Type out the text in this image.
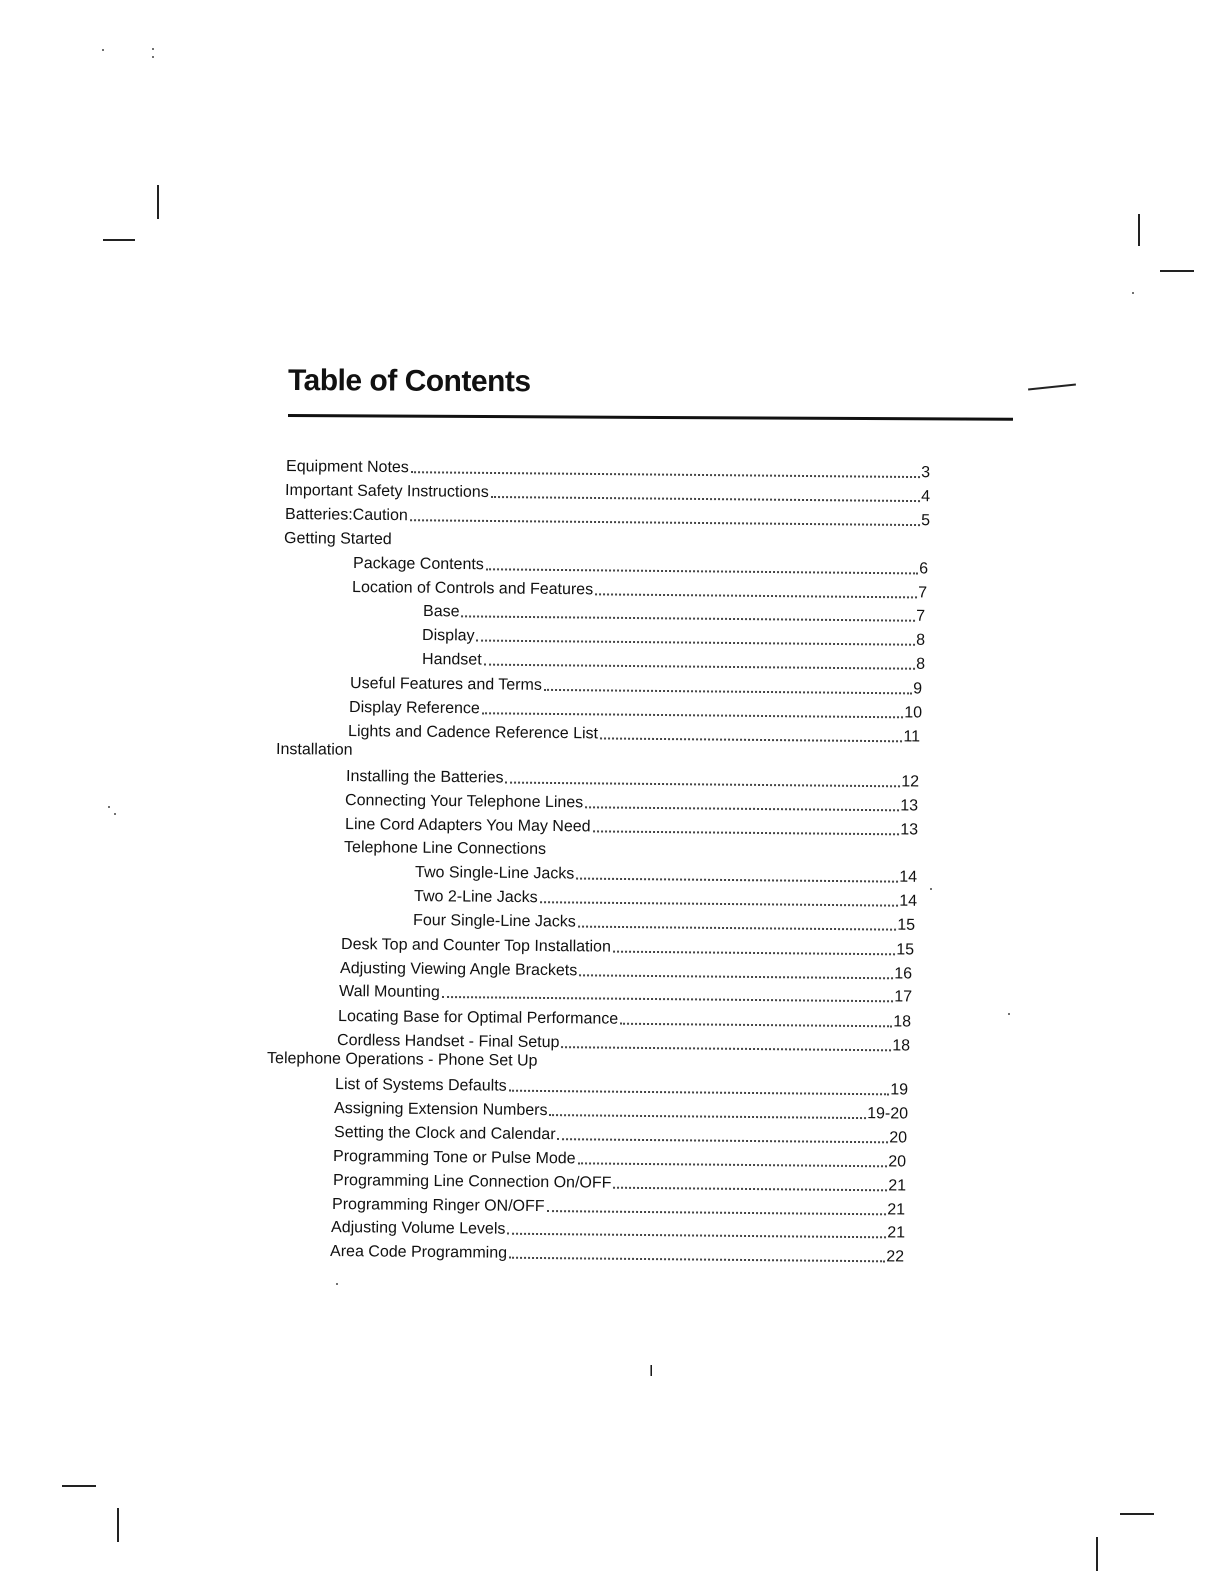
Table of Contents
Equipment Notes	3
Important Safety Instructions	4
Batteries:Caution	5
Getting Started
Package Contents	6
Location of Controls and Features	7
Base	7
Display	8
Handset	8
Useful Features and Terms	9
Display Reference	10
Lights and Cadence Reference List	11
Installation
Installing the Batteries	12
Connecting Your Telephone Lines	13
Line Cord Adapters You May Need	13
Telephone Line Connections
Two Single-Line Jacks	14
Two 2-Line Jacks	14
Four Single-Line Jacks	15
Desk Top and Counter Top Installation	15
Adjusting Viewing Angle Brackets	16
Wall Mounting	17
Locating Base for Optimal Performance	18
Cordless Handset - Final Setup	18
Telephone Operations - Phone Set Up
List of Systems Defaults	19
Assigning Extension Numbers	19-20
Setting the Clock and Calendar	20
Programming Tone or Pulse Mode	20
Programming Line Connection On/OFF	21
Programming Ringer ON/OFF	21
Adjusting Volume Levels	21
Area Code Programming	22
I
